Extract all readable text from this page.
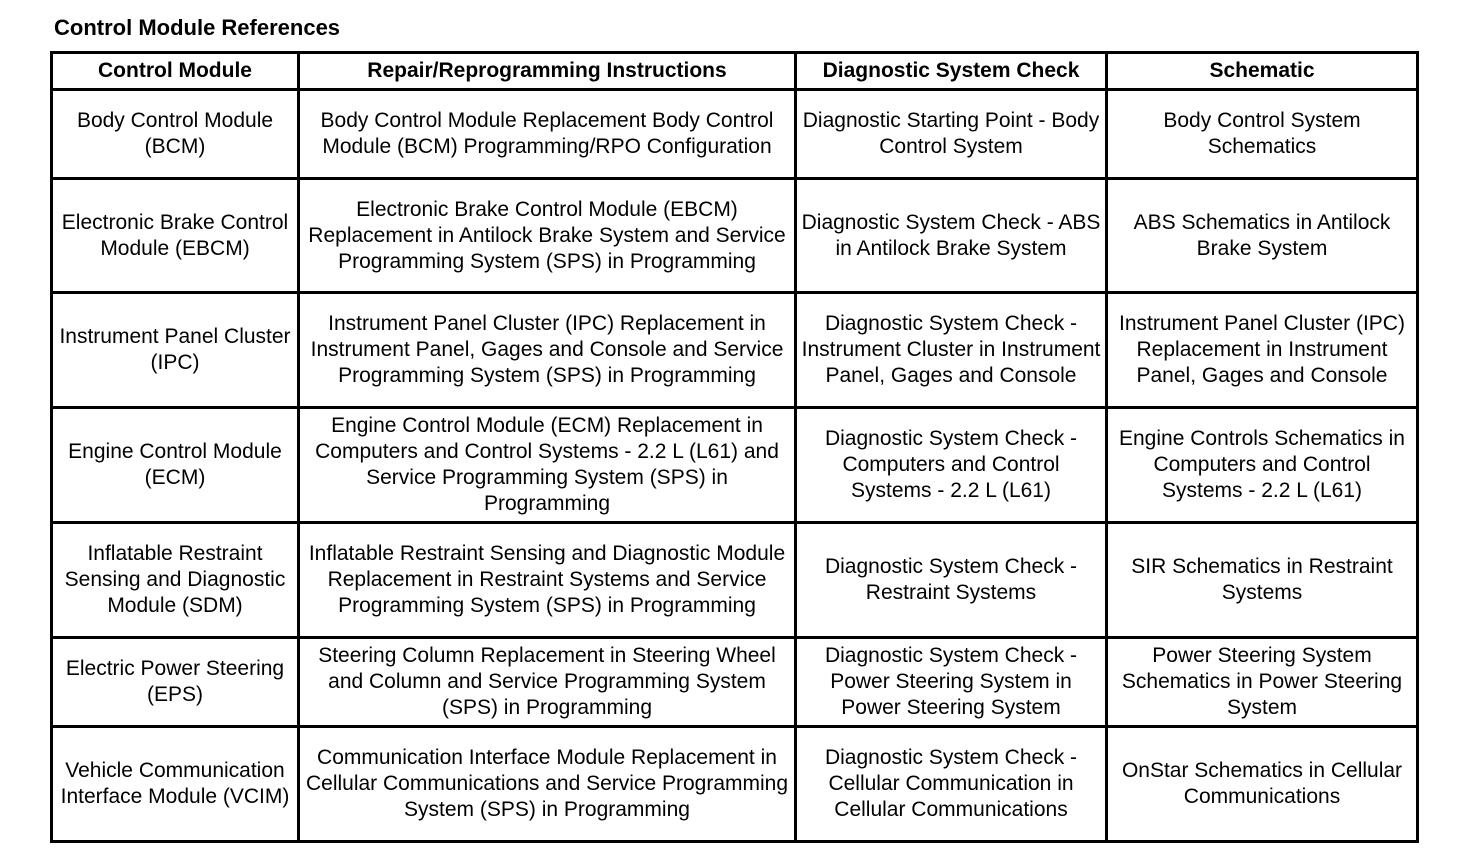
Control Module References
Control Module	Repair/Reprogramming Instructions	Diagnostic System Check	Schematic
Body Control Module (BCM)	Body Control Module Replacement Body Control Module (BCM) Programming/RPO Configuration	Diagnostic Starting Point - Body Control System	Body Control System Schematics
Electronic Brake Control Module (EBCM)	Electronic Brake Control Module (EBCM) Replacement in Antilock Brake System and Service Programming System (SPS) in Programming	Diagnostic System Check - ABS in Antilock Brake System	ABS Schematics in Antilock Brake System
Instrument Panel Cluster (IPC)	Instrument Panel Cluster (IPC) Replacement in Instrument Panel, Gages and Console and Service Programming System (SPS) in Programming	Diagnostic System Check - Instrument Cluster in Instrument Panel, Gages and Console	Instrument Panel Cluster (IPC) Replacement in Instrument Panel, Gages and Console
Engine Control Module (ECM)	Engine Control Module (ECM) Replacement in Computers and Control Systems - 2.2 L (L61) and Service Programming System (SPS) in Programming	Diagnostic System Check - Computers and Control Systems - 2.2 L (L61)	Engine Controls Schematics in Computers and Control Systems - 2.2 L (L61)
Inflatable Restraint Sensing and Diagnostic Module (SDM)	Inflatable Restraint Sensing and Diagnostic Module Replacement in Restraint Systems and Service Programming System (SPS) in Programming	Diagnostic System Check - Restraint Systems	SIR Schematics in Restraint Systems
Electric Power Steering (EPS)	Steering Column Replacement in Steering Wheel and Column and Service Programming System (SPS) in Programming	Diagnostic System Check - Power Steering System in Power Steering System	Power Steering System Schematics in Power Steering System
Vehicle Communication Interface Module (VCIM)	Communication Interface Module Replacement in Cellular Communications and Service Programming System (SPS) in Programming	Diagnostic System Check - Cellular Communication in Cellular Communications	OnStar Schematics in Cellular Communications
